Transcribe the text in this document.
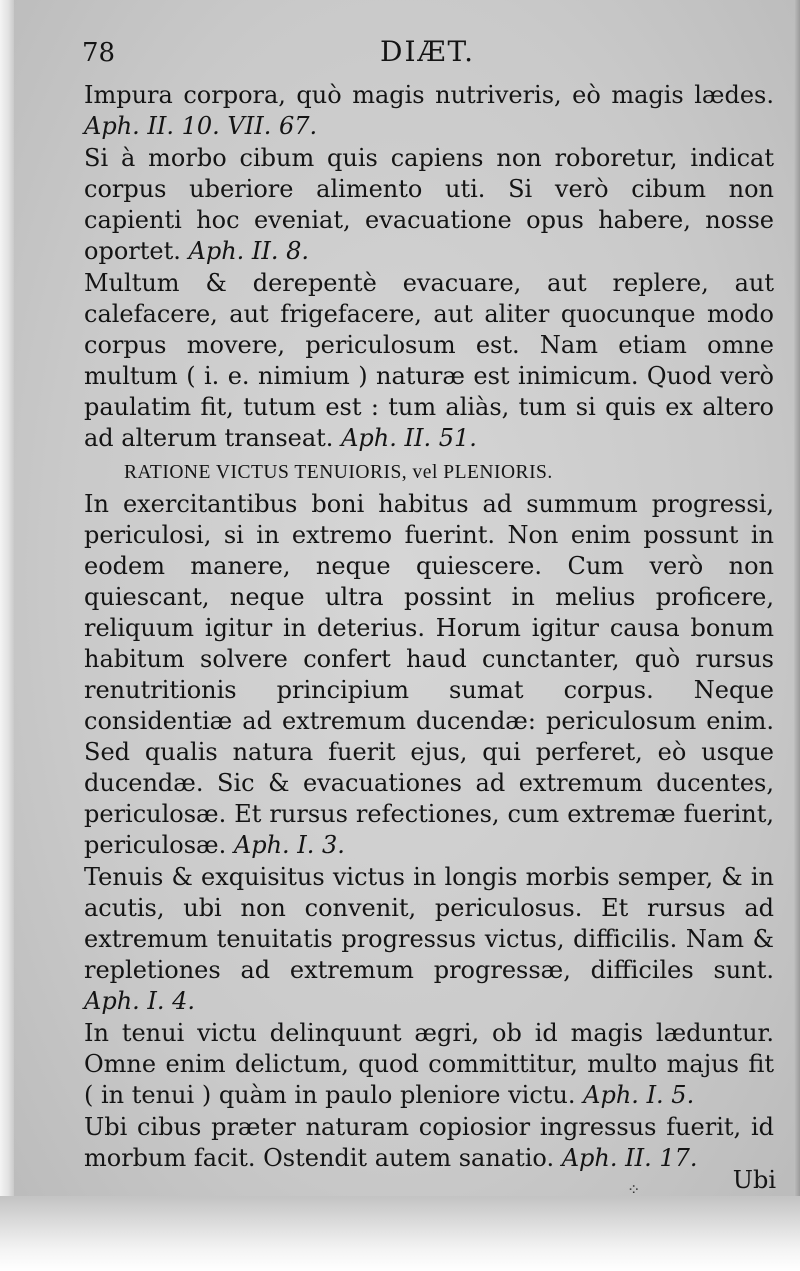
78	DIÆT.

Impura corpora, quò magis nutriveris, eò magis lædes. Aph. II. 10. VII. 67.

Si à morbo cibum quis capiens non roboretur, indicat corpus uberiore alimento uti. Si verò cibum non capienti hoc eveniat, evacuatione opus habere, nosse oportet. Aph. II. 8.

Multum & derepentè evacuare, aut replere, aut calefacere, aut frigefacere, aut aliter quocunque modo corpus movere, periculosum est. Nam etiam omne multum ( i. e. nimium ) naturæ est inimicum. Quod verò paulatim fit, tutum est : tum aliàs, tum si quis ex altero ad alterum transeat. Aph. II. 51.

RATIONE VICTUS TENUIORIS, vel PLENIORIS.

In exercitantibus boni habitus ad summum progressi, periculosi, si in extremo fuerint. Non enim possunt in eodem manere, neque quiescere. Cum verò non quiescant, neque ultra possint in melius proficere, reliquum igitur in deterius. Horum igitur causa bonum habitum solvere confert haud cunctanter, quò rursus renutritionis principium sumat corpus. Neque considentiæ ad extremum ducendæ: periculosum enim. Sed qualis natura fuerit ejus, qui perferet, eò usque ducendæ. Sic & evacuationes ad extremum ducentes, periculosæ. Et rursus refectiones, cum extremæ fuerint, periculosæ. Aph. I. 3.

Tenuis & exquisitus victus in longis morbis semper, & in acutis, ubi non convenit, periculosus. Et rursus ad extremum tenuitatis progressus victus, difficilis. Nam & repletiones ad extremum progressæ, difficiles sunt. Aph. I. 4.

In tenui victu delinquunt ægri, ob id magis læduntur. Omne enim delictum, quod committitur, multo majus fit ( in tenui ) quàm in paulo pleniore victu. Aph. I. 5.

Ubi cibus præter naturam copiosior ingressus fuerit, id morbum facit. Ostendit autem sanatio. Aph. II. 17.

Ubi
⁘
